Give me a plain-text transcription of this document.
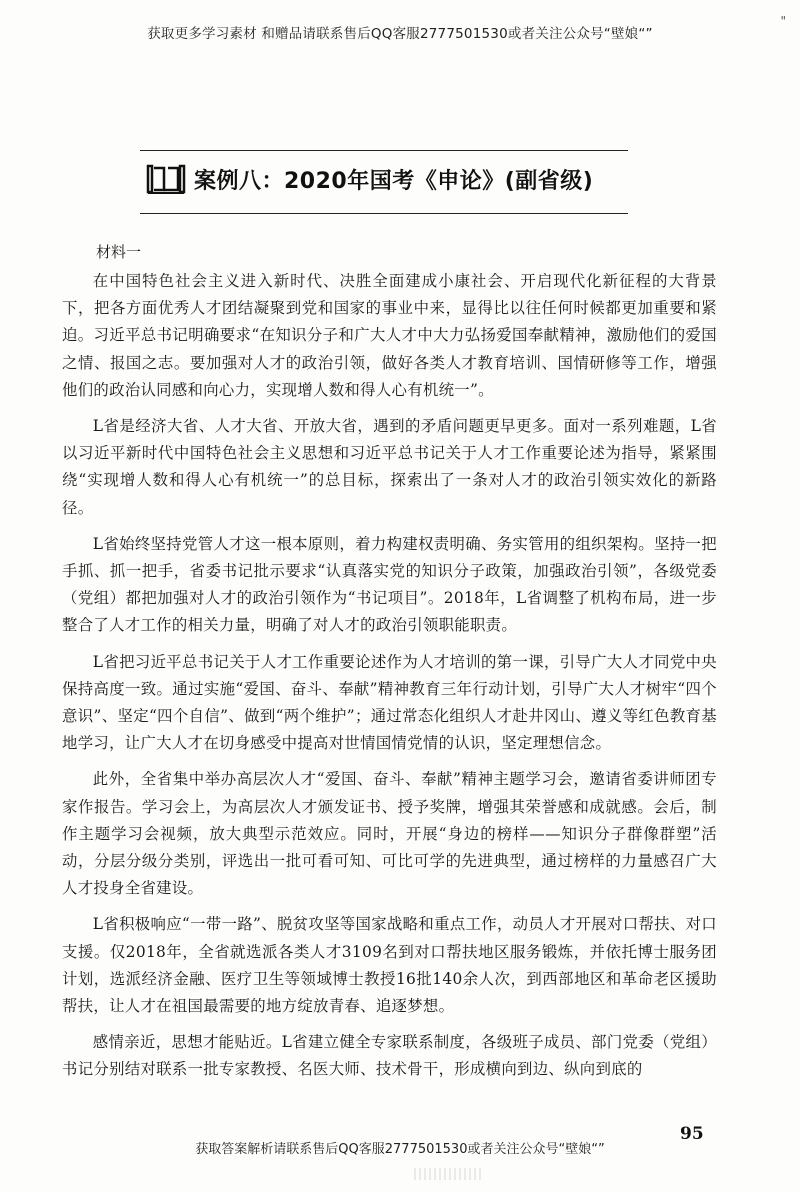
获取更多学习素材 和赠品请联系售后QQ客服2777501530或者关注公众号“壁娘“”
"
案例八：2020年国考《申论》(副省级)
材料一

在中国特色社会主义进入新时代、决胜全面建成小康社会、开启现代化新征程的大背景下，把各方面优秀人才团结凝聚到党和国家的事业中来，显得比以往任何时候都更加重要和紧迫。习近平总书记明确要求“在知识分子和广大人才中大力弘扬爱国奉献精神，激励他们的爱国之情、报国之志。要加强对人才的政治引领，做好各类人才教育培训、国情研修等工作，增强他们的政治认同感和向心力，实现增人数和得人心有机统一”。

L省是经济大省、人才大省、开放大省，遇到的矛盾问题更早更多。面对一系列难题，L省以习近平新时代中国特色社会主义思想和习近平总书记关于人才工作重要论述为指导，紧紧围绕“实现增人数和得人心有机统一”的总目标，探索出了一条对人才的政治引领实效化的新路径。

L省始终坚持党管人才这一根本原则，着力构建权责明确、务实管用的组织架构。坚持一把手抓、抓一把手，省委书记批示要求“认真落实党的知识分子政策，加强政治引领”，各级党委（党组）都把加强对人才的政治引领作为“书记项目”。2018年，L省调整了机构布局，进一步整合了人才工作的相关力量，明确了对人才的政治引领职能职责。

L省把习近平总书记关于人才工作重要论述作为人才培训的第一课，引导广大人才同党中央保持高度一致。通过实施“爱国、奋斗、奉献”精神教育三年行动计划，引导广大人才树牢“四个意识”、坚定“四个自信”、做到“两个维护”；通过常态化组织人才赴井冈山、遵义等红色教育基地学习，让广大人才在切身感受中提高对世情国情党情的认识，坚定理想信念。

此外，全省集中举办高层次人才“爱国、奋斗、奉献”精神主题学习会，邀请省委讲师团专家作报告。学习会上，为高层次人才颁发证书、授予奖牌，增强其荣誉感和成就感。会后，制作主题学习会视频，放大典型示范效应。同时，开展“身边的榜样——知识分子群像群塑”活动，分层分级分类别，评选出一批可看可知、可比可学的先进典型，通过榜样的力量感召广大人才投身全省建设。

L省积极响应“一带一路”、脱贫攻坚等国家战略和重点工作，动员人才开展对口帮扶、对口支援。仅2018年，全省就选派各类人才3109名到对口帮扶地区服务锻炼，并依托博士服务团计划，选派经济金融、医疗卫生等领域博士教授16批140余人次，到西部地区和革命老区援助帮扶，让人才在祖国最需要的地方绽放青春、追逐梦想。

感情亲近，思想才能贴近。L省建立健全专家联系制度，各级班子成员、部门党委（党组）书记分别结对联系一批专家教授、名医大师、技术骨干，形成横向到边、纵向到底的

95
获取答案解析请联系售后QQ客服2777501530或者关注公众号“壁娘“”
